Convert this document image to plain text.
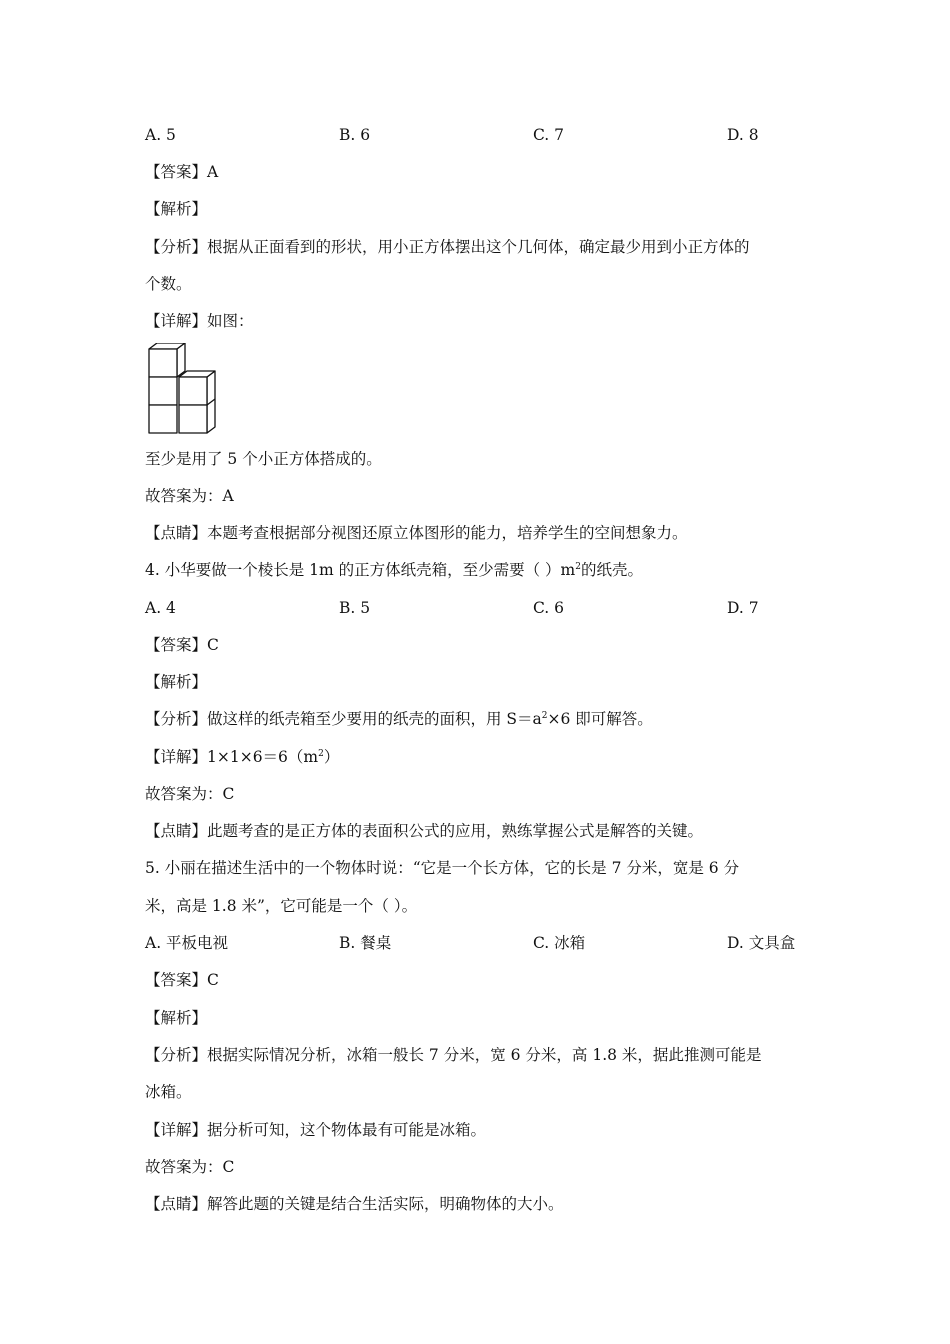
A. 5	B. 6	C. 7	D. 8
【答案】A
【解析】
【分析】根据从正面看到的形状，用小正方体摆出这个几何体，确定最少用到小正方体的
个数。
【详解】如图：
至少是用了 5 个小正方体搭成的。
故答案为：A
【点睛】本题考查根据部分视图还原立体图形的能力，培养学生的空间想象力。
4. 小华要做一个棱长是 1m 的正方体纸壳箱，至少需要（ ）$m^2$的纸壳。
A. 4	B. 5	C. 6	D. 7
【答案】C
【解析】
【分析】做这样的纸壳箱至少要用的纸壳的面积，用 $S=a^2\times 6$ 即可解答。
【详解】$1\times 1\times 6=6(m^2)$
故答案为：C
【点睛】此题考查的是正方体的表面积公式的应用，熟练掌握公式是解答的关键。
5. 小丽在描述生活中的一个物体时说：“它是一个长方体，它的长是 7 分米，宽是 6 分
米，高是 1.8 米”，它可能是一个（ ）。
A. 平板电视	B. 餐桌	C. 冰箱	D. 文具盒
【答案】C
【解析】
【分析】根据实际情况分析，冰箱一般长 7 分米，宽 6 分米，高 1.8 米，据此推测可能是
冰箱。
【详解】据分析可知，这个物体最有可能是冰箱。
故答案为：C
【点睛】解答此题的关键是结合生活实际，明确物体的大小。
